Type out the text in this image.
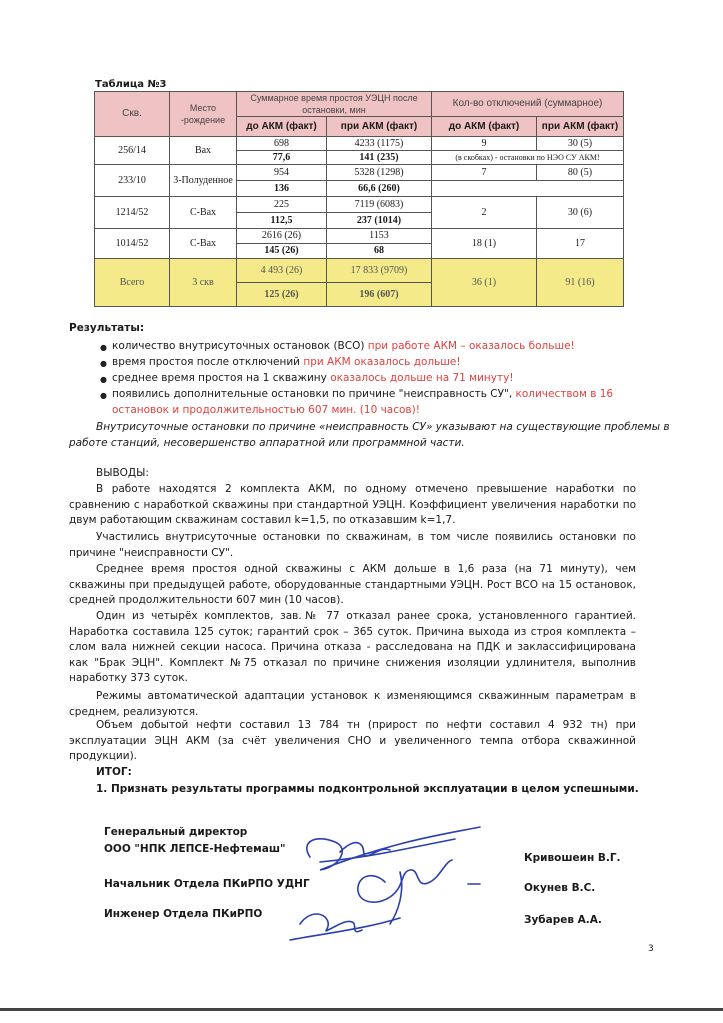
Таблица №3
Скв.	Место -рождение	Суммарное время простоя УЭЦН после остановки, мин		Кол-во отключений (суммарное)	
		до АКМ (факт)	при АКМ (факт)	до АКМ (факт)	при АКМ (факт)
256/14	Вах	698	4233 (1175)	9	30 (5)
		77,6	141 (235)	(в скобках) - остановки по НЭО СУ АКМ!	
233/10	3-Полуденное	954	5328 (1298)	7	80 (5)
		136	66,6 (260)		
1214/52	С-Вах	225	7119 (6083)	2	30 (6)
		112,5	237 (1014)		
1014/52	С-Вах	2616 (26)	1153	18 (1)	17
		145 (26)	68		
Всего	3 скв	4 493 (26)	17 833 (9709)	36 (1)	91 (16)
		125 (26)	196 (607)		
Результаты:
● количество внутрисуточных остановок (ВСО) при работе АКМ – оказалось больше!
● время простоя после отключений при АКМ оказалось дольше!
● среднее время простоя на 1 скважину оказалось дольше на 71 минуту!
● появились дополнительные остановки по причине "неисправность СУ", количеством в 16
остановок и продолжительностью 607 мин. (10 часов)!
Внутрисуточные остановки по причине «неисправность СУ» указывают на существующие проблемы в
работе станций, несовершенство аппаратной или программной части.
ВЫВОДЫ:
В работе находятся 2 комплекта АКМ, по одному отмечено превышение наработки по сравнению с наработкой скважины при стандартной УЭЦН. Коэффициент увеличения наработки по двум работающим скважинам составил k=1,5, по отказавшим k=1,7.
Участились внутрисуточные остановки по скважинам, в том числе появились остановки по причине "неисправности СУ".
Среднее время простоя одной скважины с АКМ дольше в 1,6 раза (на 71 минуту), чем скважины при предыдущей работе, оборудованные стандартными УЭЦН. Рост ВСО на 15 остановок, средней продолжительности 607 мин (10 часов).
Один из четырёх комплектов, зав.№ 77 отказал ранее срока, установленного гарантией. Наработка составила 125 суток; гарантий срок – 365 суток. Причина выхода из строя комплекта – слом вала нижней секции насоса. Причина отказа - расследована на ПДК и заклассифицирована как "Брак ЭЦН". Комплект №75 отказал по причине снижения изоляции удлинителя, выполнив наработку 373 суток.
Режимы автоматической адаптации установок к изменяющимся скважинным параметрам в среднем, реализуются.
Объем добытой нефти составил 13 784 тн (прирост по нефти составил 4 932 тн) при эксплуатации ЭЦН АКМ (за счёт увеличения СНО и увеличенного темпа отбора скважинной продукции).
ИТОГ:
1. Признать результаты программы подконтрольной эксплуатации в целом успешными.
Генеральный директор
ООО "НПК ЛЕПСЕ-Нефтемаш"
Кривошеин В.Г.
Начальник Отдела ПКиРПО УДНГ	Окунев В.С.
Инженер Отдела ПКиРПО	Зубарев А.А.
3
